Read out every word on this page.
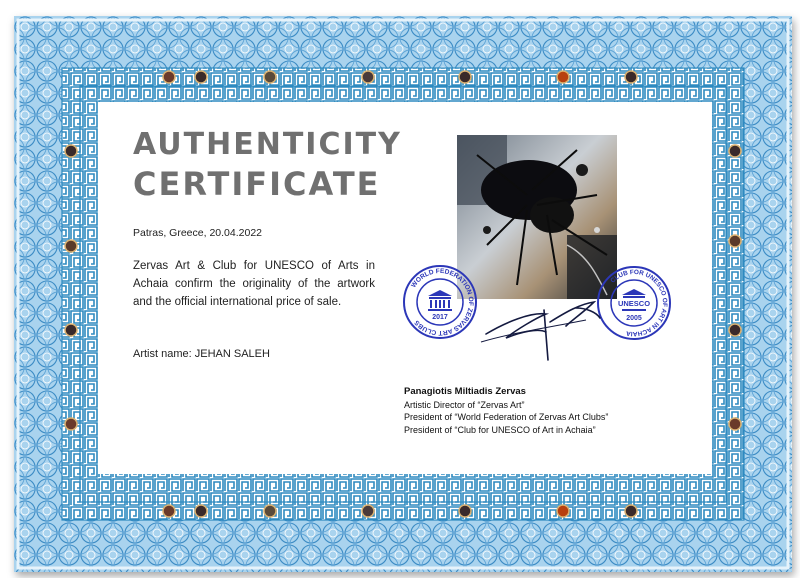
AUTHENTICITY
CERTIFICATE
Patras, Greece, 20.04.2022
Zervas Art & Club for UNESCO of Arts in Achaia confirm the originality of the artwork and the official international price of sale.
Artist name: JEHAN SALEH
WORLD FEDERATION OF ZERVAS ART CLUBS
2017
CLUB FOR UNESCO OF ART IN ACHAIA
UNESCO
2005
Panagiotis Miltiadis Zervas
Artistic Director of “Zervas Art”
President of “World Federation of Zervas Art Clubs”
President of “Club for UNESCO of Art in Achaia”
